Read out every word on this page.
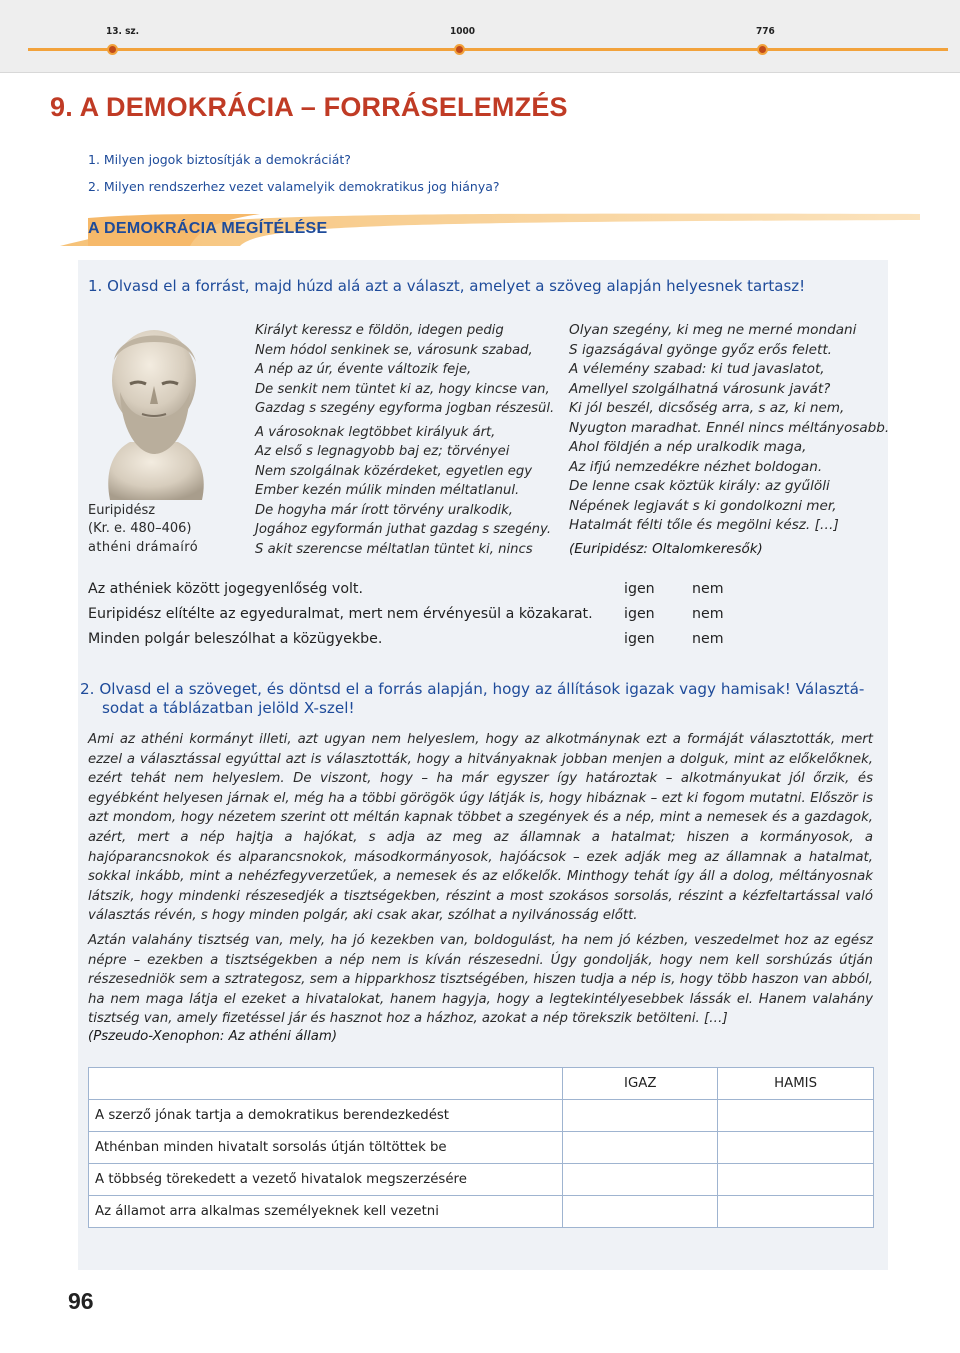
13. sz.	1000	776
9. A DEMOKRÁCIA – FORRÁSELEMZÉS
1. Milyen jogok biztosítják a demokráciát?
2. Milyen rendszerhez vezet valamelyik demokratikus jog hiánya?
A DEMOKRÁCIA MEGÍTÉLÉSE
1. Olvasd el a forrást, majd húzd alá azt a választ, amelyet a szöveg alapján helyesnek tartasz!
Euripidész
(Kr. e. 480–406)
athéni drámaíró
Királyt keressz e földön, idegen pedig
Nem hódol senkinek se, városunk szabad,
A nép az úr, évente változik feje,
De senkit nem tüntet ki az, hogy kincse van,
Gazdag s szegény egyforma jogban részesül.
A városoknak legtöbbet királyuk árt,
Az első s legnagyobb baj ez; törvényei
Nem szolgálnak közérdeket, egyetlen egy
Ember kezén múlik minden méltatlanul.
De hogyha már írott törvény uralkodik,
Jogához egyformán juthat gazdag s szegény.
S akit szerencse méltatlan tüntet ki, nincs
Olyan szegény, ki meg ne merné mondani
S igazságával gyönge győz erős felett.
A vélemény szabad: ki tud javaslatot,
Amellyel szolgálhatná városunk javát?
Ki jól beszél, dicsőség arra, s az, ki nem,
Nyugton maradhat. Ennél nincs méltányosabb.
Ahol földjén a nép uralkodik maga,
Az ifjú nemzedékre nézhet boldogan.
De lenne csak köztük király: az gyűlöli
Népének legjavát s ki gondolkozni mer,
Hatalmát félti tőle és megölni kész. […]
(Euripidész: Oltalomkeresők)
Az athéniek között jogegyenlőség volt.	igen	nem
Euripidész elítélte az egyeduralmat, mert nem érvényesül a közakarat. igen	nem
Minden polgár beleszólhat a közügyekbe.	igen	nem
2. Olvasd el a szöveget, és döntsd el a forrás alapján, hogy az állítások igazak vagy hamisak! Választá-
sodat a táblázatban jelöld X-szel!

Ami az athéni kormányt illeti, azt ugyan nem helyeslem, hogy az alkotmánynak ezt a formáját választották, mert ezzel a választással egyúttal azt is választották, hogy a hitványaknak jobban menjen a dolguk, mint az előkelőknek, ezért tehát nem helyeslem. De viszont, hogy – ha már egyszer így határoztak – alkotmányukat jól őrzik, és egyébként helyesen járnak el, még ha a többi görögök úgy látják is, hogy hibáznak – ezt ki fogom mutatni. Először is azt mondom, hogy nézetem szerint ott méltán kapnak többet a szegények és a nép, mint a nemesek és a gazdagok, azért, mert a nép hajtja a hajókat, s adja az meg az államnak a hatalmat; hiszen a kormányosok, a hajóparancsnokok és alparancsnokok, másodkormányosok, hajóácsok – ezek adják meg az államnak a hatalmat, sokkal inkább, mint a nehézfegyverzetűek, a nemesek és az előkelők. Minthogy tehát így áll a dolog, méltányosnak látszik, hogy mindenki részesedjék a tisztségekben, részint a most szokásos sorsolás, részint a kézfeltartással való választás révén, s hogy minden polgár, aki csak akar, szólhat a nyilvánosság előtt.

Aztán valahány tisztség van, mely, ha jó kezekben van, boldogulást, ha nem jó kézben, veszedelmet hoz az egész népre – ezekben a tisztségekben a nép nem is kíván részesedni. Úgy gondolják, hogy nem kell sorshúzás útján részesedniök sem a sztrategosz, sem a hipparkhosz tisztségében, hiszen tudja a nép is, hogy több haszon van abból, ha nem maga látja el ezeket a hivatalokat, hanem hagyja, hogy a legtekintélyesebbek lássák el. Hanem valahány tisztség van, amely fizetéssel jár és hasznot hoz a házhoz, azokat a nép törekszik betölteni. […]

(Pszeudo-Xenophon: Az athéni állam)
	IGAZ	HAMIS
A szerző jónak tartja a demokratikus berendezkedést		
Athénban minden hivatalt sorsolás útján töltöttek be		
A többség törekedett a vezető hivatalok megszerzésére		
Az államot arra alkalmas személyeknek kell vezetni		
96
